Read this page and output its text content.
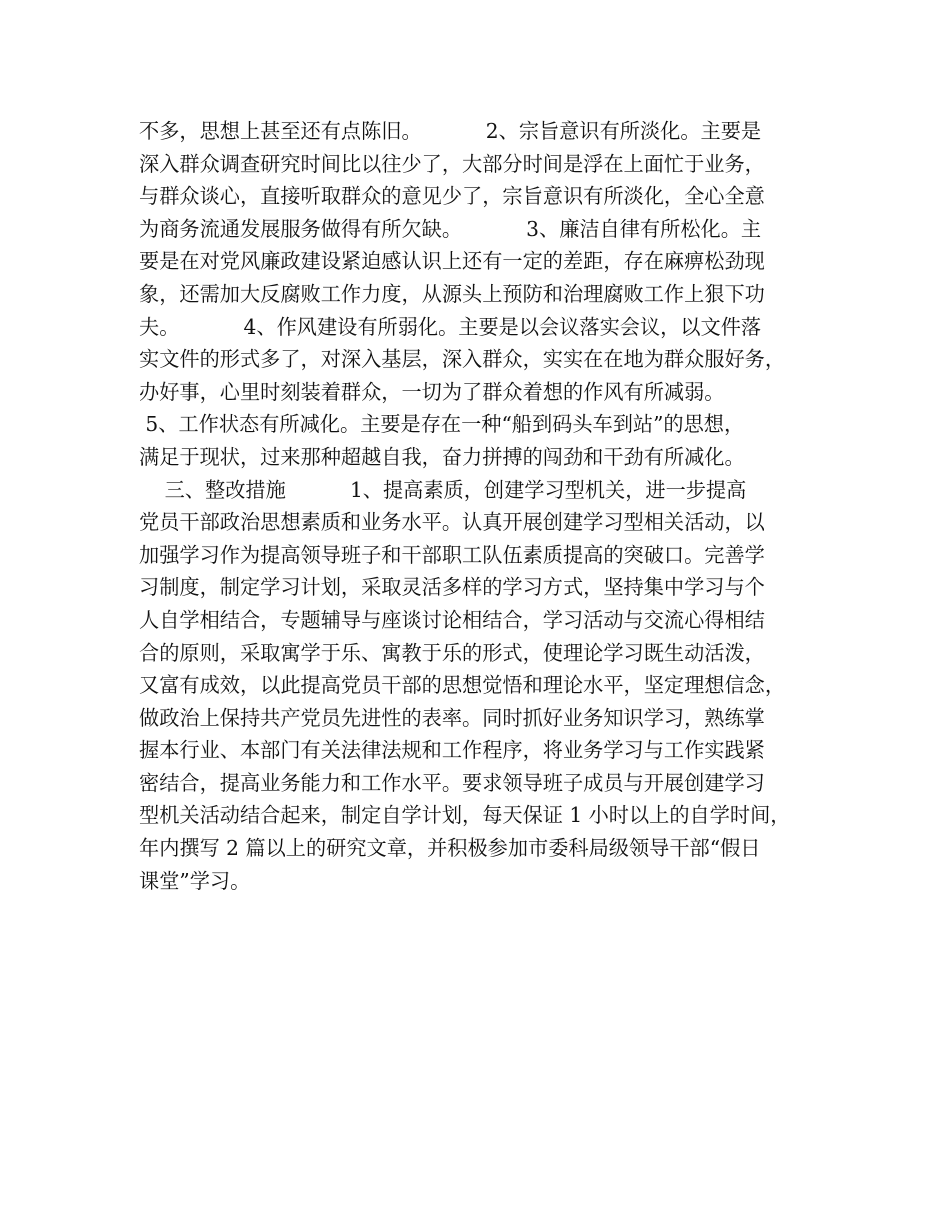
不多，思想上甚至还有点陈旧。          2、宗旨意识有所淡化。主要是
深入群众调查研究时间比以往少了，大部分时间是浮在上面忙于业务，
与群众谈心，直接听取群众的意见少了，宗旨意识有所淡化，全心全意
为商务流通发展服务做得有所欠缺。          3、廉洁自律有所松化。主
要是在对党风廉政建设紧迫感认识上还有一定的差距，存在麻痹松劲现
象，还需加大反腐败工作力度，从源头上预防和治理腐败工作上狠下功
夫。          4、作风建设有所弱化。主要是以会议落实会议，以文件落
实文件的形式多了，对深入基层，深入群众，实实在在地为群众服好务，
办好事，心里时刻装着群众，一切为了群众着想的作风有所减弱。
5、工作状态有所减化。主要是存在一种“船到码头车到站”的思想，
满足于现状，过来那种超越自我，奋力拼搏的闯劲和干劲有所减化。
三、整改措施          1、提高素质，创建学习型机关，进一步提高
党员干部政治思想素质和业务水平。认真开展创建学习型相关活动，以
加强学习作为提高领导班子和干部职工队伍素质提高的突破口。完善学
习制度，制定学习计划，采取灵活多样的学习方式，坚持集中学习与个
人自学相结合，专题辅导与座谈讨论相结合，学习活动与交流心得相结
合的原则，采取寓学于乐、寓教于乐的形式，使理论学习既生动活泼，
又富有成效，以此提高党员干部的思想觉悟和理论水平，坚定理想信念，
做政治上保持共产党员先进性的表率。同时抓好业务知识学习，熟练掌
握本行业、本部门有关法律法规和工作程序，将业务学习与工作实践紧
密结合，提高业务能力和工作水平。要求领导班子成员与开展创建学习
型机关活动结合起来，制定自学计划，每天保证 1 小时以上的自学时间，
年内撰写 2 篇以上的研究文章，并积极参加市委科局级领导干部“假日
课堂”学习。
